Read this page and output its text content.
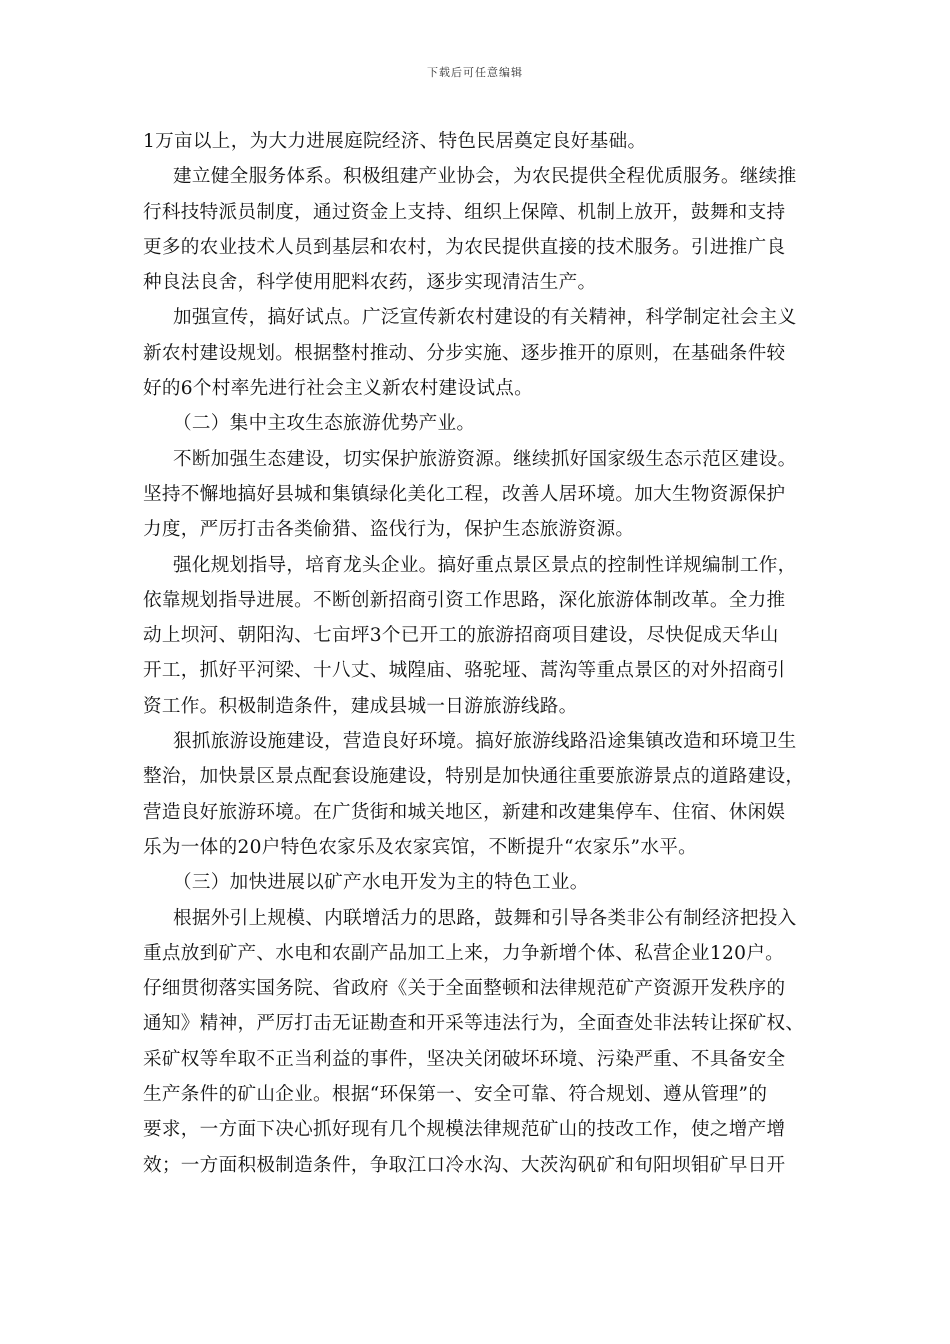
下载后可任意编辑
1万亩以上，为大力进展庭院经济、特色民居奠定良好基础。
建立健全服务体系。积极组建产业协会，为农民提供全程优质服务。继续推
行科技特派员制度，通过资金上支持、组织上保障、机制上放开，鼓舞和支持
更多的农业技术人员到基层和农村，为农民提供直接的技术服务。引进推广良
种良法良舍，科学使用肥料农药，逐步实现清洁生产。
加强宣传，搞好试点。广泛宣传新农村建设的有关精神，科学制定社会主义
新农村建设规划。根据整村推动、分步实施、逐步推开的原则，在基础条件较
好的6个村率先进行社会主义新农村建设试点。
（二）集中主攻生态旅游优势产业。
不断加强生态建设，切实保护旅游资源。继续抓好国家级生态示范区建设。
坚持不懈地搞好县城和集镇绿化美化工程，改善人居环境。加大生物资源保护
力度，严厉打击各类偷猎、盗伐行为，保护生态旅游资源。
强化规划指导，培育龙头企业。搞好重点景区景点的控制性详规编制工作，
依靠规划指导进展。不断创新招商引资工作思路，深化旅游体制改革。全力推
动上坝河、朝阳沟、七亩坪3个已开工的旅游招商项目建设，尽快促成天华山
开工，抓好平河梁、十八丈、城隍庙、骆驼垭、蒿沟等重点景区的对外招商引
资工作。积极制造条件，建成县城一日游旅游线路。
狠抓旅游设施建设，营造良好环境。搞好旅游线路沿途集镇改造和环境卫生
整治，加快景区景点配套设施建设，特别是加快通往重要旅游景点的道路建设，
营造良好旅游环境。在广货街和城关地区，新建和改建集停车、住宿、休闲娱
乐为一体的20户特色农家乐及农家宾馆，不断提升“农家乐”水平。
（三）加快进展以矿产水电开发为主的特色工业。
根据外引上规模、内联增活力的思路，鼓舞和引导各类非公有制经济把投入
重点放到矿产、水电和农副产品加工上来，力争新增个体、私营企业120户。
仔细贯彻落实国务院、省政府《关于全面整顿和法律规范矿产资源开发秩序的
通知》精神，严厉打击无证勘查和开采等违法行为，全面查处非法转让探矿权、
采矿权等牟取不正当利益的事件，坚决关闭破坏环境、污染严重、不具备安全
生产条件的矿山企业。根据“环保第一、安全可靠、符合规划、遵从管理”的
要求，一方面下决心抓好现有几个规模法律规范矿山的技改工作，使之增产增
效；一方面积极制造条件，争取江口冷水沟、大茨沟矾矿和旬阳坝钼矿早日开
